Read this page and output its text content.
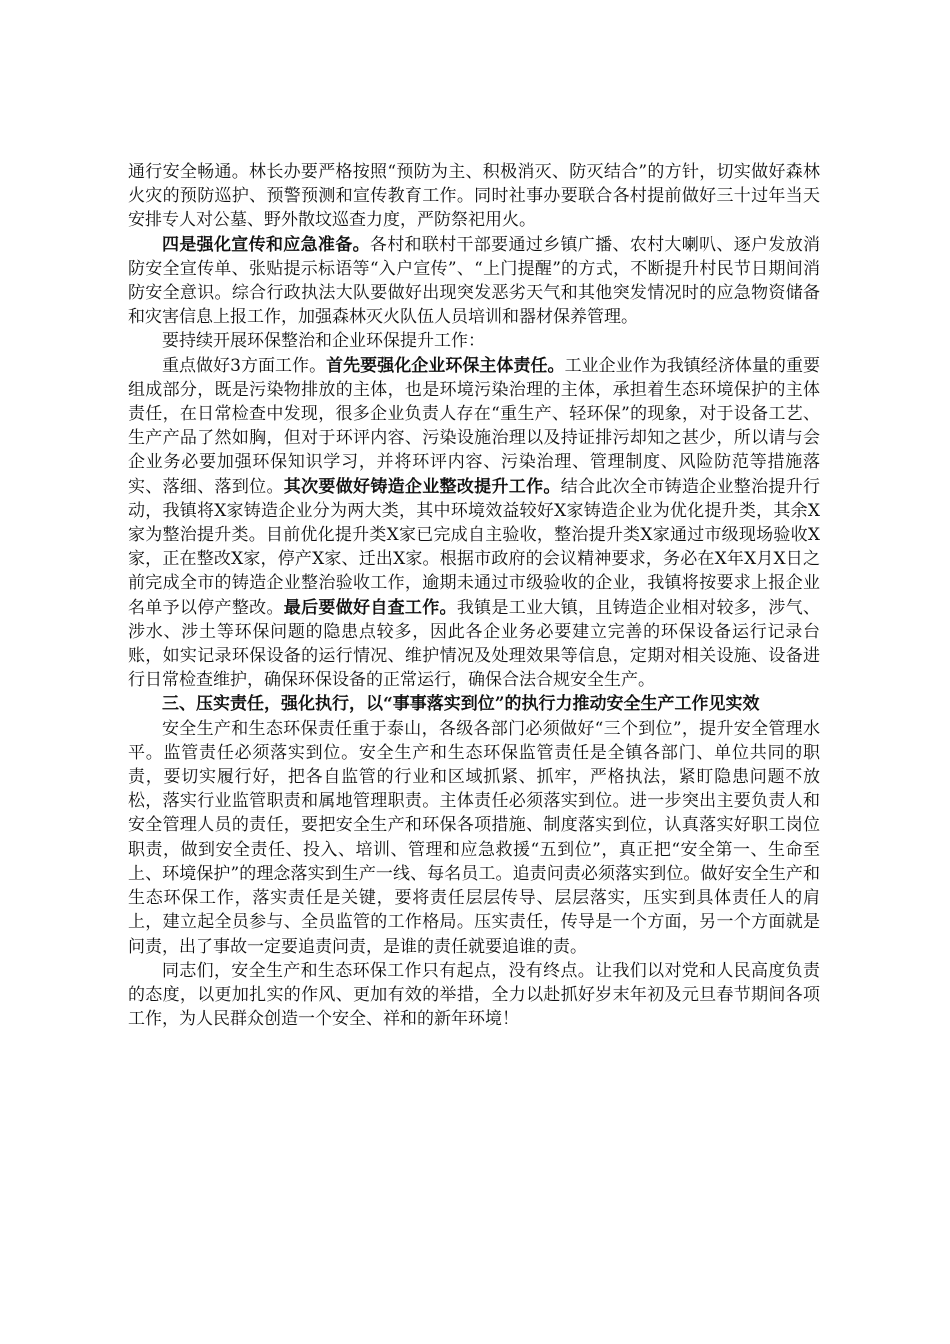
通行安全畅通。林长办要严格按照“预防为主、积极消灭、防灭结合”的方针，切实做好森林火灾的预防巡护、预警预测和宣传教育工作。同时社事办要联合各村提前做好三十过年当天安排专人对公墓、野外散坟巡查力度，严防祭祀用火。

四是强化宣传和应急准备。各村和联村干部要通过乡镇广播、农村大喇叭、逐户发放消防安全宣传单、张贴提示标语等“入户宣传”、“上门提醒”的方式，不断提升村民节日期间消防安全意识。综合行政执法大队要做好出现突发恶劣天气和其他突发情况时的应急物资储备和灾害信息上报工作，加强森林灭火队伍人员培训和器材保养管理。

要持续开展环保整治和企业环保提升工作：

重点做好3方面工作。首先要强化企业环保主体责任。工业企业作为我镇经济体量的重要组成部分，既是污染物排放的主体，也是环境污染治理的主体，承担着生态环境保护的主体责任，在日常检查中发现，很多企业负责人存在“重生产、轻环保”的现象，对于设备工艺、生产产品了然如胸，但对于环评内容、污染设施治理以及持证排污却知之甚少，所以请与会企业务必要加强环保知识学习，并将环评内容、污染治理、管理制度、风险防范等措施落实、落细、落到位。其次要做好铸造企业整改提升工作。结合此次全市铸造企业整治提升行动，我镇将X家铸造企业分为两大类，其中环境效益较好X家铸造企业为优化提升类，其余X家为整治提升类。目前优化提升类X家已完成自主验收，整治提升类X家通过市级现场验收X家，正在整改X家，停产X家、迁出X家。根据市政府的会议精神要求，务必在X年X月X日之前完成全市的铸造企业整治验收工作，逾期未通过市级验收的企业，我镇将按要求上报企业名单予以停产整改。最后要做好自查工作。我镇是工业大镇，且铸造企业相对较多，涉气、涉水、涉土等环保问题的隐患点较多，因此各企业务必要建立完善的环保设备运行记录台账，如实记录环保设备的运行情况、维护情况及处理效果等信息，定期对相关设施、设备进行日常检查维护，确保环保设备的正常运行，确保合法合规安全生产。

三、压实责任，强化执行，以“事事落实到位”的执行力推动安全生产工作见实效

安全生产和生态环保责任重于泰山，各级各部门必须做好“三个到位”，提升安全管理水平。监管责任必须落实到位。安全生产和生态环保监管责任是全镇各部门、单位共同的职责，要切实履行好，把各自监管的行业和区域抓紧、抓牢，严格执法，紧盯隐患问题不放松，落实行业监管职责和属地管理职责。主体责任必须落实到位。进一步突出主要负责人和安全管理人员的责任，要把安全生产和环保各项措施、制度落实到位，认真落实好职工岗位职责，做到安全责任、投入、培训、管理和应急救援“五到位”，真正把“安全第一、生命至上、环境保护”的理念落实到生产一线、每名员工。追责问责必须落实到位。做好安全生产和生态环保工作，落实责任是关键，要将责任层层传导、层层落实，压实到具体责任人的肩上，建立起全员参与、全员监管的工作格局。压实责任，传导是一个方面，另一个方面就是问责，出了事故一定要追责问责，是谁的责任就要追谁的责。

同志们，安全生产和生态环保工作只有起点，没有终点。让我们以对党和人民高度负责的态度，以更加扎实的作风、更加有效的举措，全力以赴抓好岁末年初及元旦春节期间各项工作，为人民群众创造一个安全、祥和的新年环境！
